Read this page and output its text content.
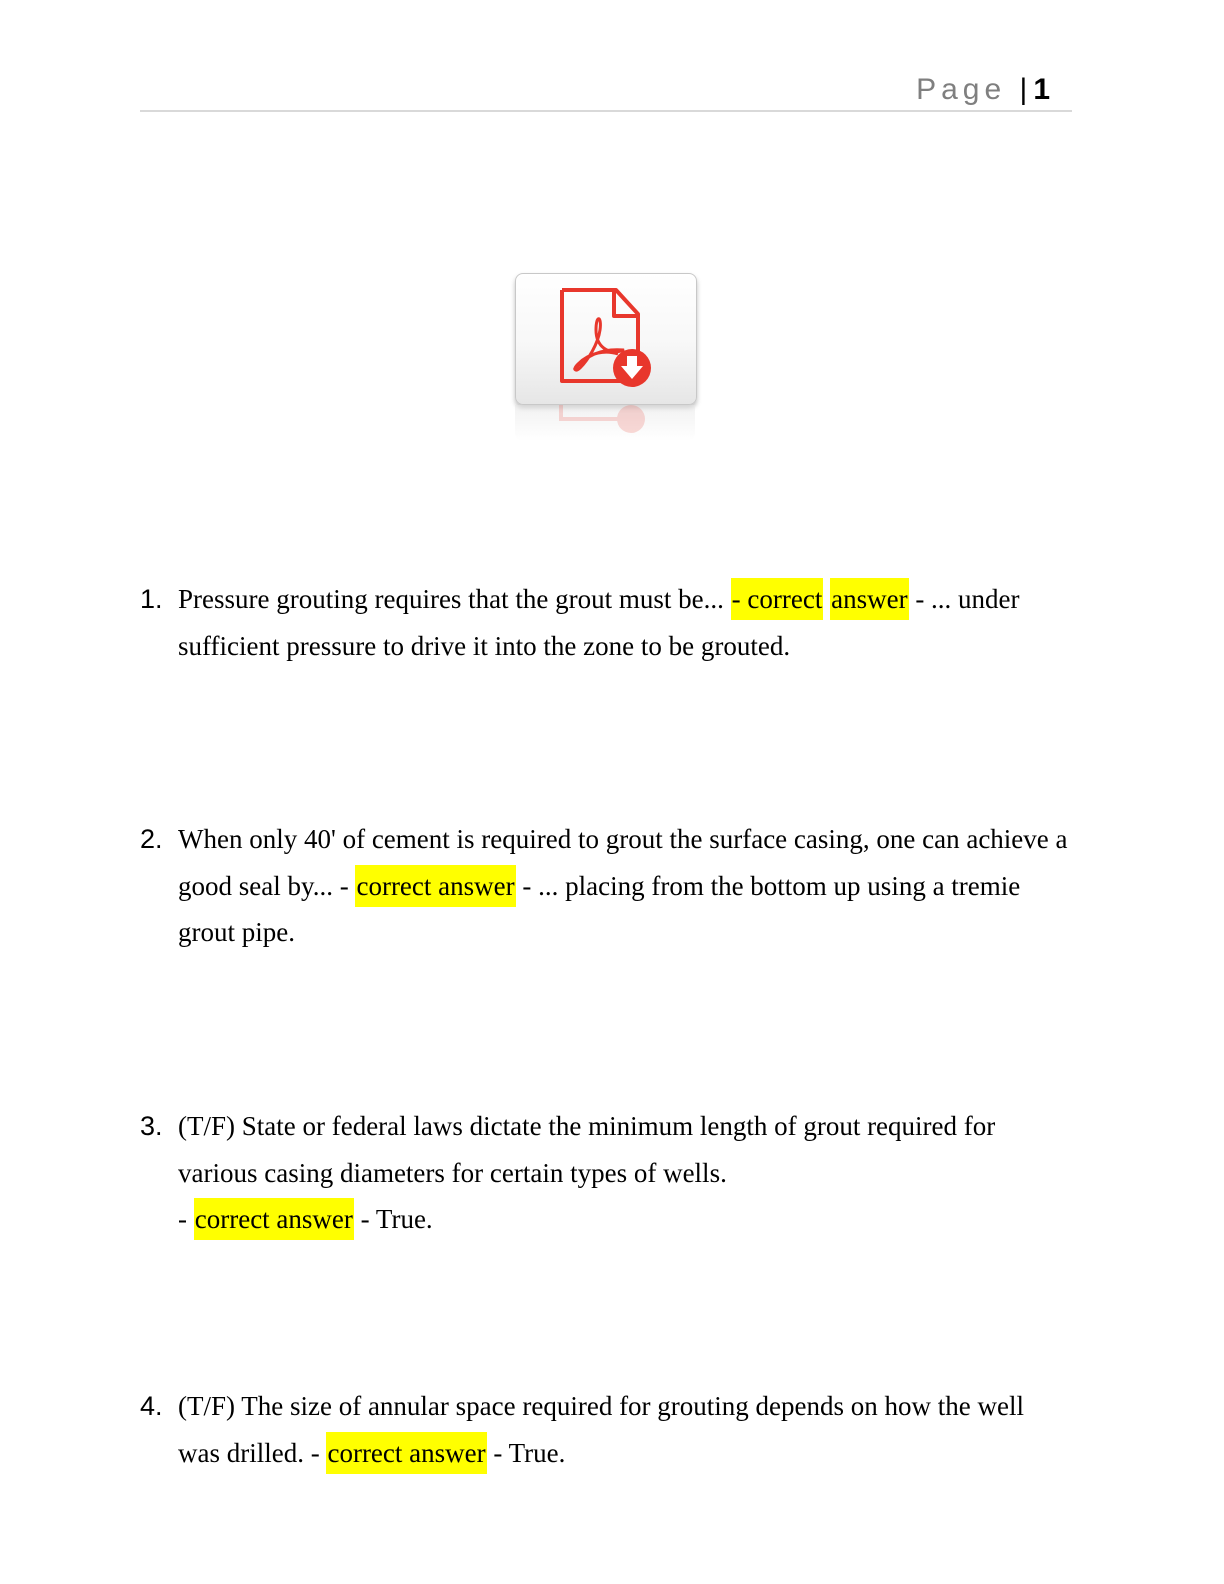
Page | 1
1. Pressure grouting requires that the grout must be... - correct answer - ... under sufficient pressure to drive it into the zone to be grouted.
2. When only 40' of cement is required to grout the surface casing, one can achieve a good seal by... - correct answer - ... placing from the bottom up using a tremie grout pipe.
3. (T/F) State or federal laws dictate the minimum length of grout required for various casing diameters for certain types of wells.
- correct answer - True.
4. (T/F) The size of annular space required for grouting depends on how the well was drilled. - correct answer - True.
